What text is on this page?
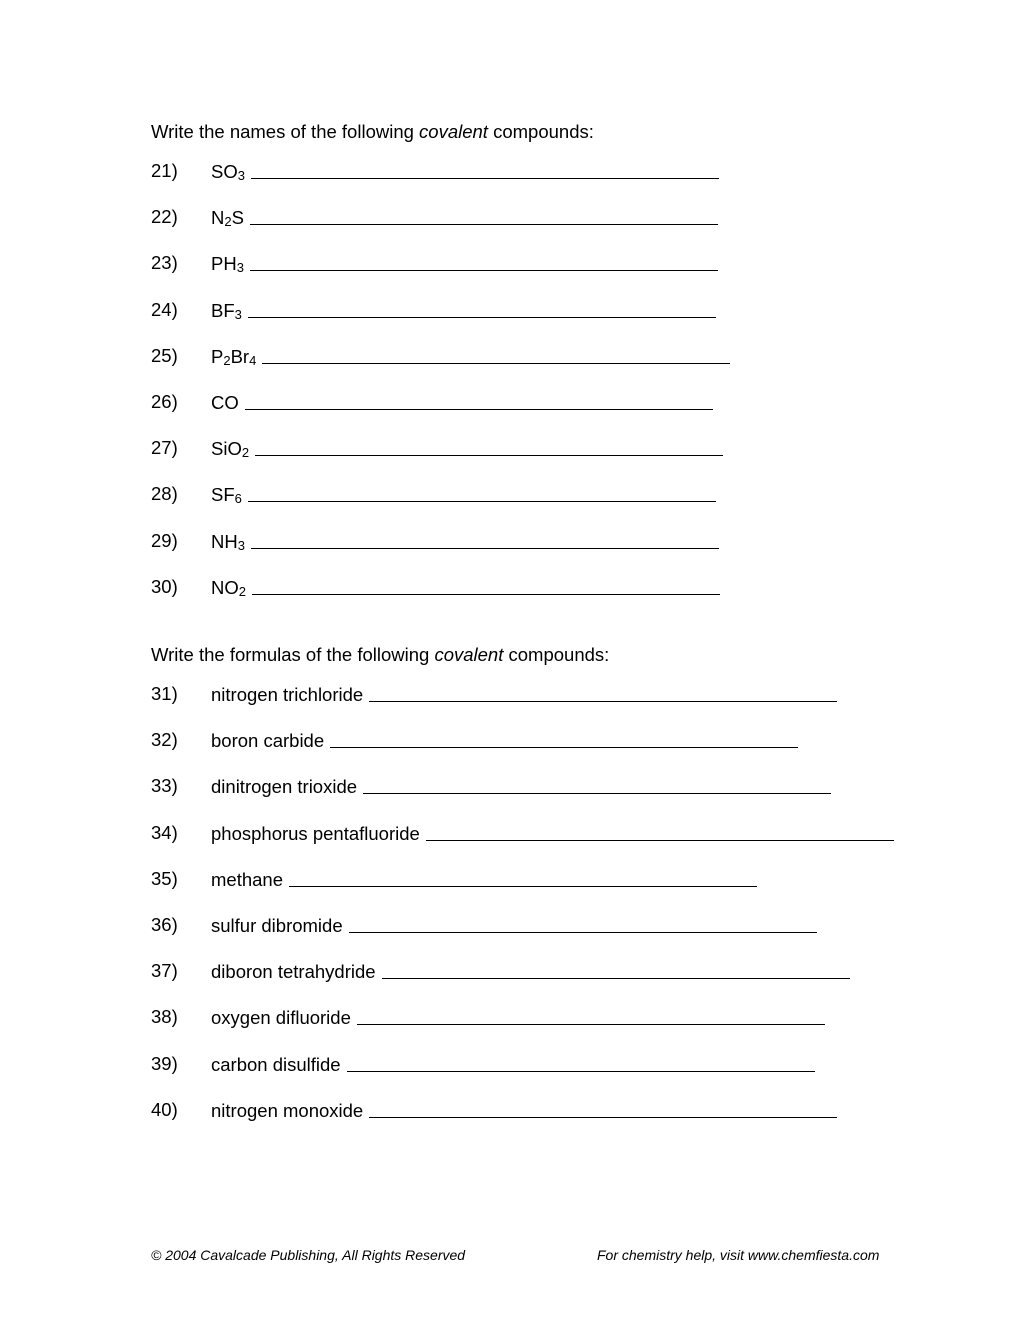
Write the names of the following covalent compounds:
21) $SO_3$
22) $N_2S$
23) $PH_3$
24) $BF_3$
25) $P_2Br_4$
26) CO
27) SiO$_2$
28) $SF_6$
29) $NH_3$
30) $NO_2$
Write the formulas of the following covalent compounds:
31) nitrogen trichloride
32) boron carbide
33) dinitrogen trioxide
34) phosphorus pentafluoride
35) methane
36) sulfur dibromide
37) diboron tetrahydride
38) oxygen difluoride
39) carbon disulfide
40) nitrogen monoxide
© 2004 Cavalcade Publishing, All Rights Reserved	For chemistry help, visit www.chemfiesta.com
